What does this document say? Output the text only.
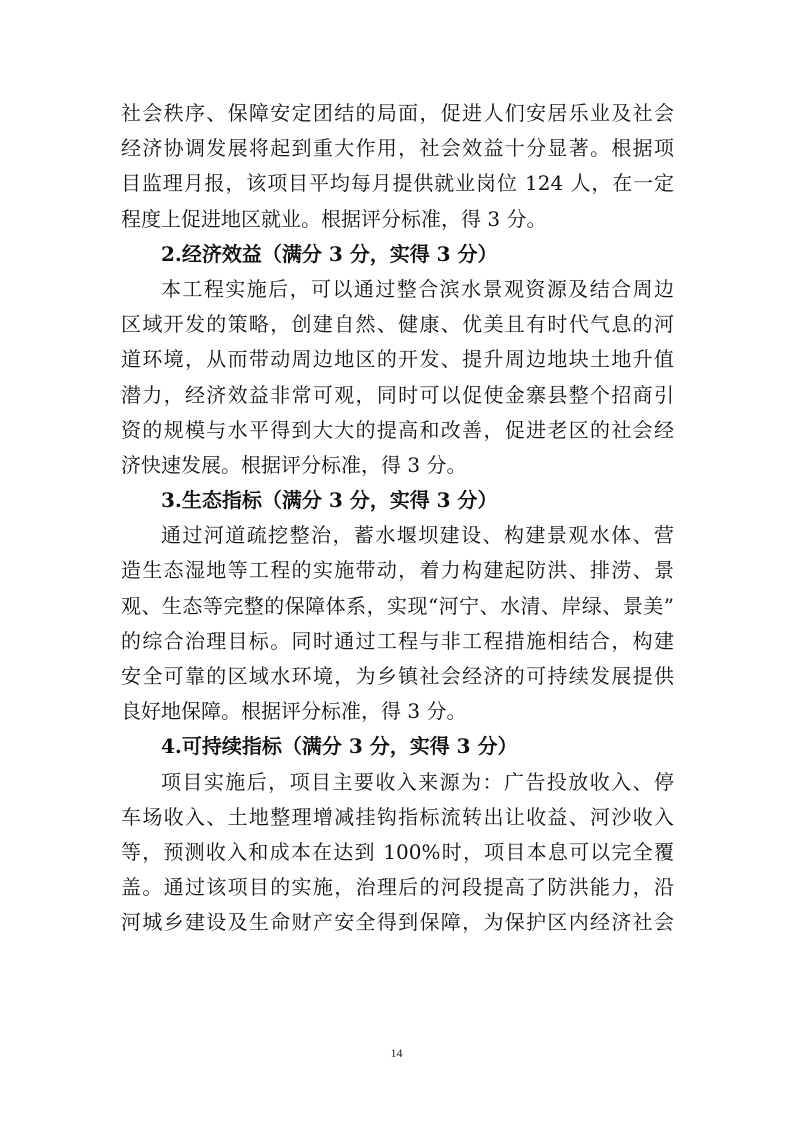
社会秩序、保障安定团结的局面，促进人们安居乐业及社会
经济协调发展将起到重大作用，社会效益十分显著。根据项
目监理月报，该项目平均每月提供就业岗位 124 人，在一定
程度上促进地区就业。根据评分标准，得 3 分。
2.经济效益（满分 3 分，实得 3 分）
本工程实施后，可以通过整合滨水景观资源及结合周边
区域开发的策略，创建自然、健康、优美且有时代气息的河
道环境，从而带动周边地区的开发、提升周边地块土地升值
潜力，经济效益非常可观，同时可以促使金寨县整个招商引
资的规模与水平得到大大的提高和改善，促进老区的社会经
济快速发展。根据评分标准，得 3 分。
3.生态指标（满分 3 分，实得 3 分）
通过河道疏挖整治，蓄水堰坝建设、构建景观水体、营
造生态湿地等工程的实施带动，着力构建起防洪、排涝、景
观、生态等完整的保障体系，实现“河宁、水清、岸绿、景美”
的综合治理目标。同时通过工程与非工程措施相结合，构建
安全可靠的区域水环境，为乡镇社会经济的可持续发展提供
良好地保障。根据评分标准，得 3 分。
4.可持续指标（满分 3 分，实得 3 分）
项目实施后，项目主要收入来源为：广告投放收入、停
车场收入、土地整理增减挂钩指标流转出让收益、河沙收入
等，预测收入和成本在达到 100%时，项目本息可以完全覆
盖。通过该项目的实施，治理后的河段提高了防洪能力，沿
河城乡建设及生命财产安全得到保障，为保护区内经济社会
14
